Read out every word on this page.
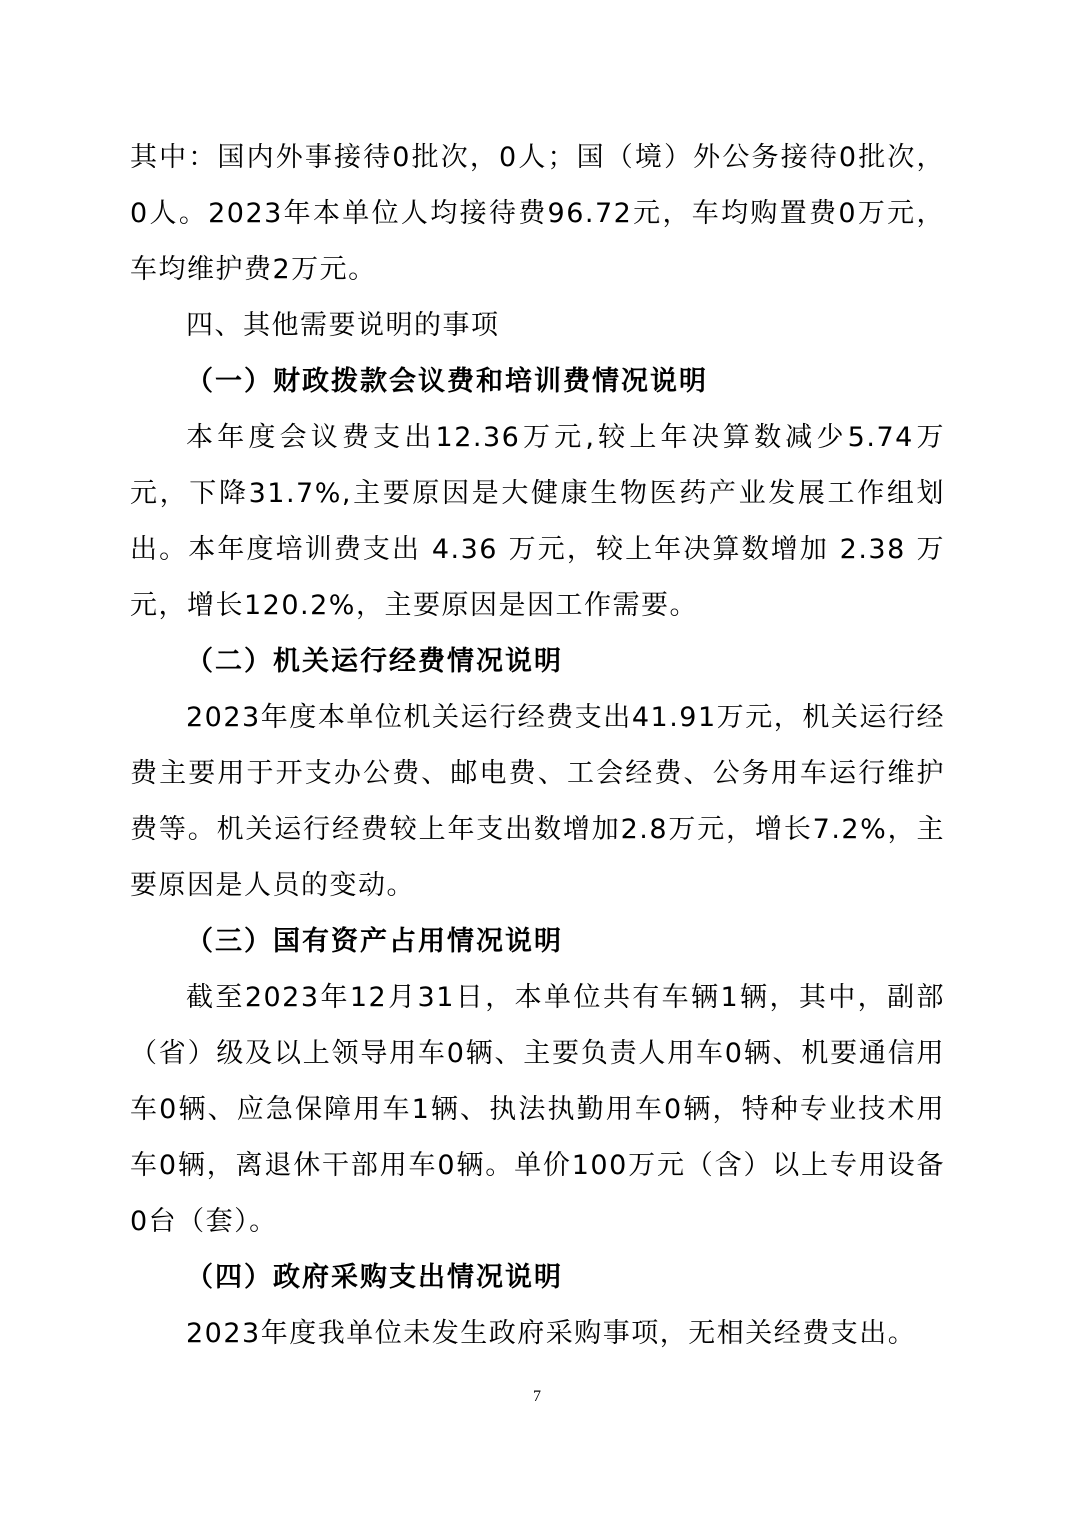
其中：国内外事接待0批次，0人；国（境）外公务接待0批次，0人。2023年本单位人均接待费96.72元，车均购置费0万元，车均维护费2万元。

四、其他需要说明的事项

（一）财政拨款会议费和培训费情况说明

本年度会议费支出12.36万元,较上年决算数减少5.74万元，下降31.7%,主要原因是大健康生物医药产业发展工作组划出。本年度培训费支出 4.36 万元，较上年决算数增加 2.38 万元，增长120.2%，主要原因是因工作需要。

（二）机关运行经费情况说明

2023年度本单位机关运行经费支出41.91万元，机关运行经费主要用于开支办公费、邮电费、工会经费、公务用车运行维护费等。机关运行经费较上年支出数增加2.8万元，增长7.2%，主要原因是人员的变动。

（三）国有资产占用情况说明

截至2023年12月31日，本单位共有车辆1辆，其中，副部（省）级及以上领导用车0辆、主要负责人用车0辆、机要通信用车0辆、应急保障用车1辆、执法执勤用车0辆，特种专业技术用车0辆，离退休干部用车0辆。单价100万元（含）以上专用设备0台（套）。

（四）政府采购支出情况说明

2023年度我单位未发生政府采购事项，无相关经费支出。

7
